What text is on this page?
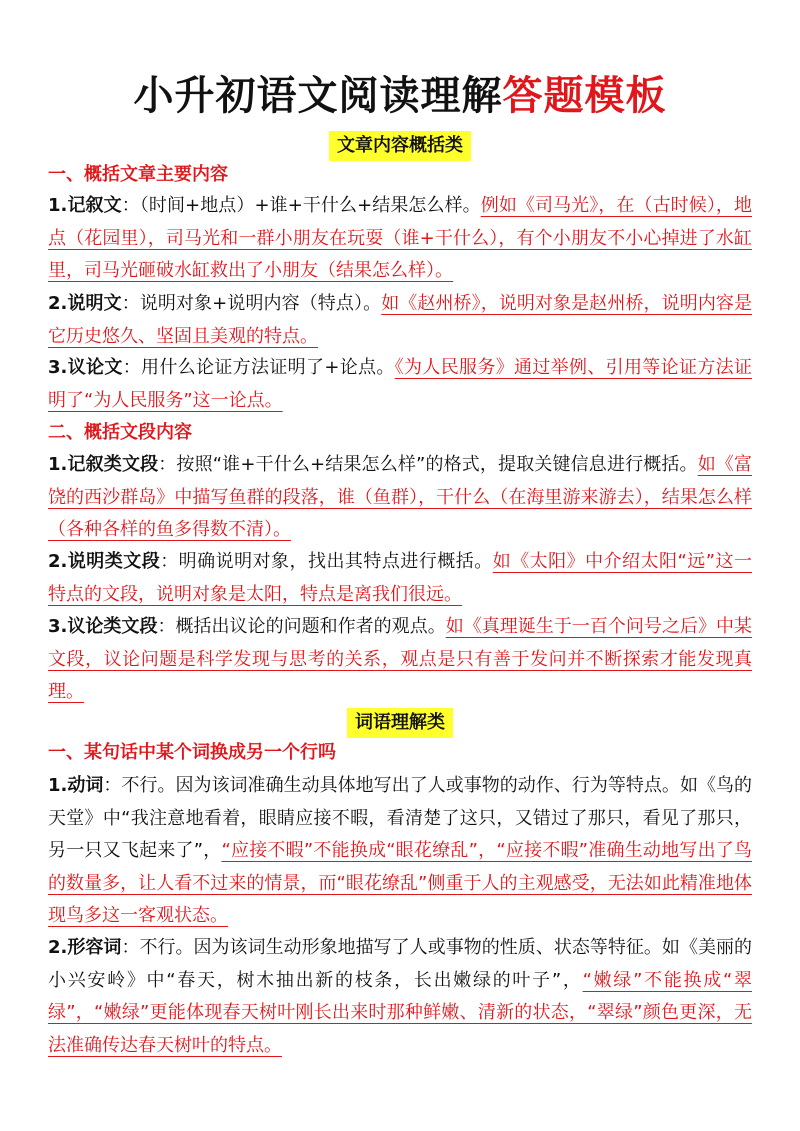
小升初语文阅读理解答题模板
文章内容概括类
一、概括文章主要内容
1.记叙文：（时间+地点）+谁+干什么+结果怎么样。例如《司马光》，在（古时候），地点（花园里），司马光和一群小朋友在玩耍（谁+干什么），有个小朋友不小心掉进了水缸里，司马光砸破水缸救出了小朋友（结果怎么样）。
2.说明文：说明对象+说明内容（特点）。如《赵州桥》，说明对象是赵州桥，说明内容是它历史悠久、坚固且美观的特点。
3.议论文：用什么论证方法证明了+论点。《为人民服务》通过举例、引用等论证方法证明了“为人民服务”这一论点。
二、概括文段内容
1.记叙类文段：按照“谁+干什么+结果怎么样”的格式，提取关键信息进行概括。如《富饶的西沙群岛》中描写鱼群的段落，谁（鱼群），干什么（在海里游来游去），结果怎么样（各种各样的鱼多得数不清）。
2.说明类文段：明确说明对象，找出其特点进行概括。如《太阳》中介绍太阳“远”这一特点的文段，说明对象是太阳，特点是离我们很远。
3.议论类文段：概括出议论的问题和作者的观点。如《真理诞生于一百个问号之后》中某文段，议论问题是科学发现与思考的关系，观点是只有善于发问并不断探索才能发现真理。
词语理解类
一、某句话中某个词换成另一个行吗
1.动词：不行。因为该词准确生动具体地写出了人或事物的动作、行为等特点。如《鸟的天堂》中“我注意地看着，眼睛应接不暇，看清楚了这只，又错过了那只，看见了那只，另一只又飞起来了”，“应接不暇”不能换成“眼花缭乱”，“应接不暇”准确生动地写出了鸟的数量多，让人看不过来的情景，而“眼花缭乱”侧重于人的主观感受，无法如此精准地体现鸟多这一客观状态。
2.形容词：不行。因为该词生动形象地描写了人或事物的性质、状态等特征。如《美丽的小兴安岭》中“春天，树木抽出新的枝条，长出嫩绿的叶子”，“嫩绿”不能换成“翠绿”，“嫩绿”更能体现春天树叶刚长出来时那种鲜嫩、清新的状态，“翠绿”颜色更深，无法准确传达春天树叶的特点。
